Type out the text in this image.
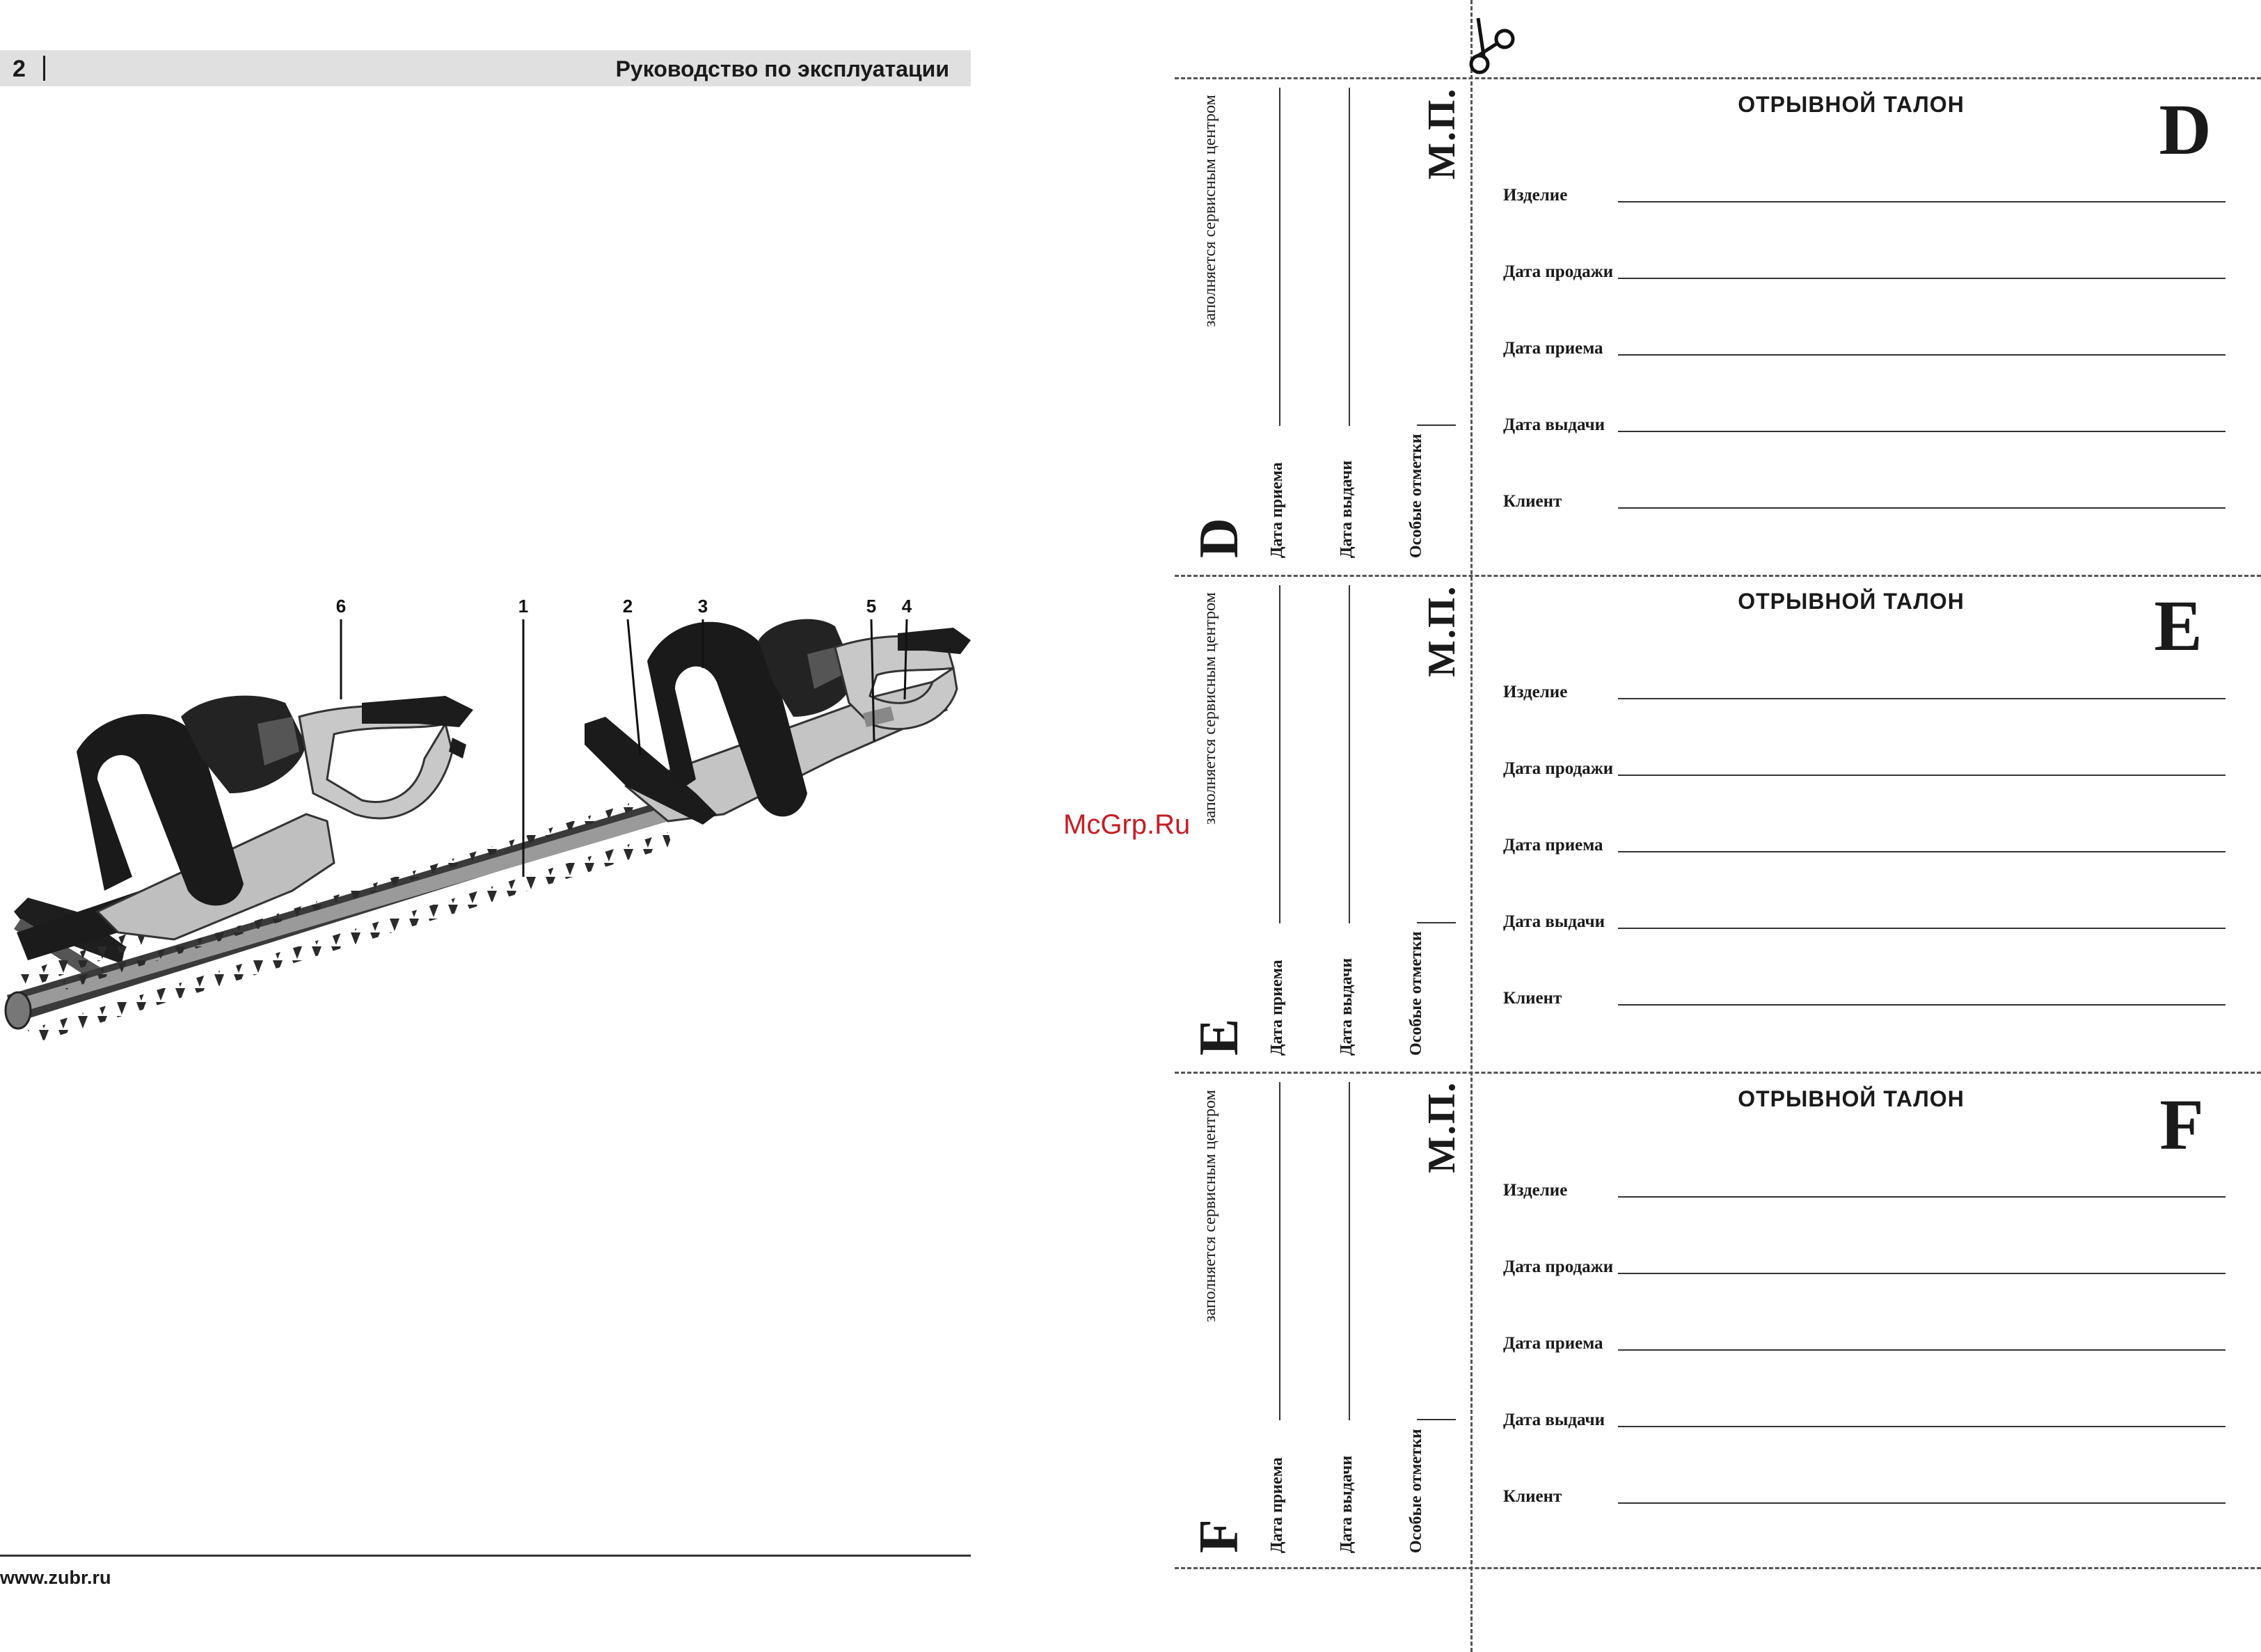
2	Руководство по эксплуатации
6	1	2	3	5 4
www.zubr.ru
McGrp.Ru
D
заполняется сервисным центром
Дата приема	Дата выдачи	Особые отметки
М.П.	ОТРЫВНОЙ ТАЛОН	D
Изделие
Дата продажи
Дата приема
Дата выдачи
Клиент
E
заполняется сервисным центром
Дата приема	Дата выдачи	Особые отметки
М.П.	ОТРЫВНОЙ ТАЛОН	E
Изделие
Дата продажи
Дата приема
Дата выдачи
Клиент
F
заполняется сервисным центром
Дата приема	Дата выдачи	Особые отметки
М.П.	ОТРЫВНОЙ ТАЛОН	F
Изделие
Дата продажи
Дата приема
Дата выдачи
Клиент
